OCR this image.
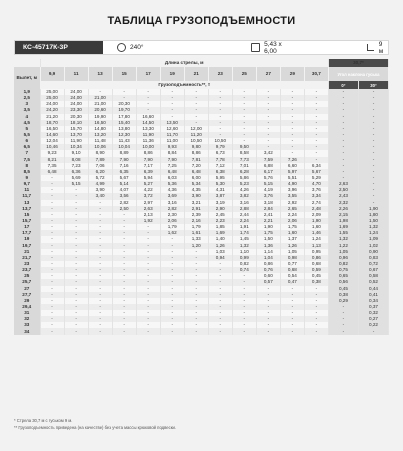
ТАБЛИЦА ГРУЗОПОДЪЕМНОСТИ
КС-45717К-3Р	240°	5,43 x 6,00
9 м
	Длина стрелы, м												30,7*	
Вылет, м	9,9	11	13	15	17	19	21	23	25	27	29	30,7	Угол наклона гуська	
	Грузоподъемность**, т												0°	30°
1,9	25,00	24,00	-	-	-	-	-	-	-	-	-	-	-	-
2,5	25,00	24,00	21,00	-	-	-	-	-	-	-	-	-	-	-
3	24,00	24,00	21,00	20,30	-	-	-	-	-	-	-	-	-	-
3,5	24,20	23,30	20,60	19,70	-	-	-	-	-	-	-	-	-	-
4	21,20	20,30	19,90	17,80	16,60	-	-	-	-	-	-	-	-	-
4,5	18,70	18,10	16,50	15,40	14,50	13,50	-	-	-	-	-	-	-	-
5	16,50	15,70	14,80	13,80	13,30	12,60	12,00	-	-	-	-	-	-	-
5,5	14,60	13,70	13,20	12,30	11,90	11,70	11,20	-	-	-	-	-	-	-
6	12,04	11,90	11,48	11,43	11,36	11,00	10,50	10,50	-	-	-	-	-	-
6,5	10,46	10,34	10,06	10,04	10,00	9,93	9,80	9,79	9,50	-	-	-	-	-
7	9,23	9,10	8,90	8,89	8,86	8,84	8,86	6,73	8,58	3,42	-	-	-	-
7,5	8,21	8,08	7,89	7,90	7,90	7,90	7,81	7,78	7,73	7,59	7,26	-	-	-
8	7,35	7,23	7,06	7,16	7,17	7,25	7,20	7,12	7,01	6,88	6,60	6,34	-	-
8,5	6,48	6,36	6,20	6,35	6,39	6,48	6,48	6,38	6,28	6,17	5,97	5,67	-	-
9	-	5,69	5,72	5,67	5,94	6,03	6,00	5,95	5,86	5,76	5,51	5,29	-	-
9,7	-	5,15	4,99	5,14	5,27	5,36	5,34	5,30	5,23	5,15	4,90	4,70	2,63	-
11	-	-	3,90	4,07	4,22	4,36	4,35	4,31	4,26	4,19	3,96	3,76	2,50	-
11,7	-	-	3,40	3,56	3,72	3,69	3,90	3,87	3,82	3,76	3,55	3,34	2,43	-
13	-	-	-	2,82	2,97	3,16	3,21	3,19	3,16	3,18	2,92	2,74	2,32	-
13,7	-	-	-	2,50	2,63	2,82	2,91	2,90	2,88	2,84	2,65	2,48	2,26	1,90
15	-	-	-	-	2,13	2,30	2,39	2,45	2,44	2,41	2,24	2,09	2,15	1,80
15,7	-	-	-	-	1,92	2,06	2,16	2,23	2,24	2,21	2,06	1,90	1,98	1,50
17	-	-	-	-	-	1,79	1,79	1,85	1,91	1,90	1,75	1,60	1,69	1,32
17,7	-	-	-	-	-	1,62	1,61	1,69	1,74	1,75	1,60	1,46	1,55	1,24
19	-	-	-	-	-	-	1,33	1,40	1,45	1,50	1,37	1,24	1,32	1,09
19,7	-	-	-	-	-	-	1,20	1,26	1,32	1,36	1,26	1,13	1,22	1,02
21	-	-	-	-	-	-	-	1,03	1,10	1,14	1,05	0,95	1,05	0,90
21,7	-	-	-	-	-	-	-	0,94	0,99	1,04	0,98	0,86	0,96	0,83
23	-	-	-	-	-	-	-	-	0,82	0,86	0,77	0,68	0,82	0,72
23,7	-	-	-	-	-	-	-	-	0,74	0,76	0,68	0,59	0,75	0,67
25	-	-	-	-	-	-	-	-	-	0,60	0,54	0,45	0,65	0,58
25,7	-	-	-	-	-	-	-	-	-	0,57	0,47	0,38	0,56	0,52
27	-	-	-	-	-	-	-	-	-	-	-	-	0,45	0,44
27,7	-	-	-	-	-	-	-	-	-	-	-	-	0,38	0,41
29	-	-	-	-	-	-	-	-	-	-	-	-	0,29	0,34
29,4	-	-	-	-	-	-	-	-	-	-	-	-	-	0,37
31	-	-	-	-	-	-	-	-	-	-	-	-	-	0,32
32	-	-	-	-	-	-	-	-	-	-	-	-	-	0,27
33	-	-	-	-	-	-	-	-	-	-	-	-	-	0,22
34	-	-	-	-	-	-	-	-	-	-	-	-	-	-
* Стрела 30,7 м с гуськом 9 м.
** Грузоподъемность приведена (на качестве) без учета массы крюковой подвески.
